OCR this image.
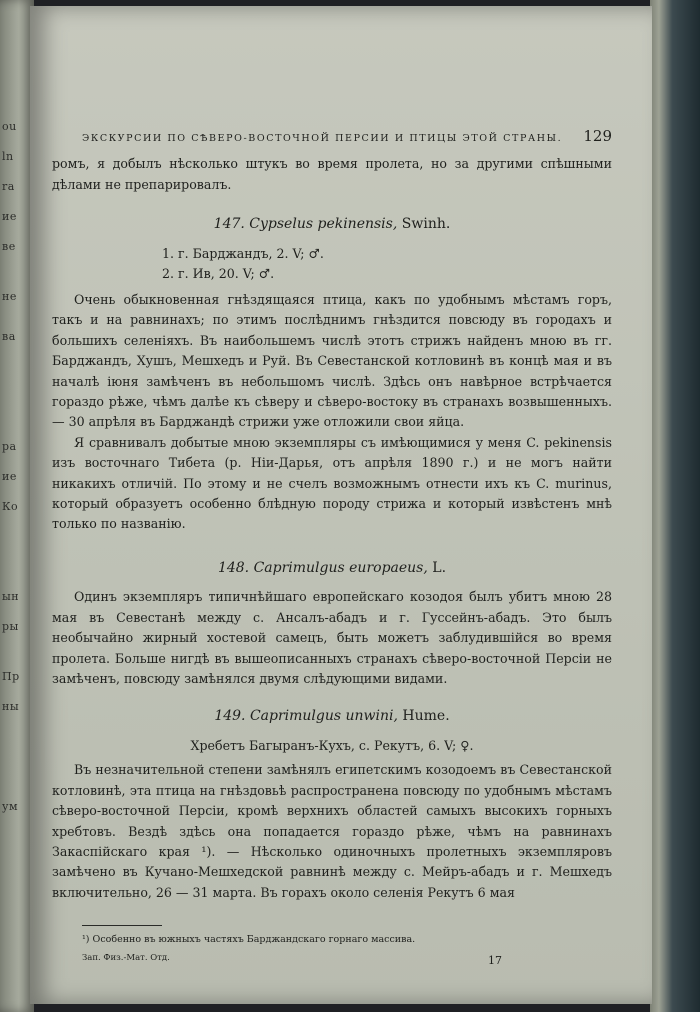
ou
ln
ra
ие
ве
не
ва
ра
ие
Ко
ын
ры
Пр
ны
ум
ЭКСКУРСИИ ПО СѢВЕРО-ВОСТОЧНОЙ ПЕРСИИ И ПТИЦЫ ЭТОЙ СТРАНЫ. 129

ромъ, я добылъ нѣсколько штукъ во время пролета, но за другими спѣшными дѣлами не препарировалъ.

147. Cypselus pekinensis, Swinh.
1. г. Барджандъ, 2. V; ♂.
2. г. Ив, 20. V; ♂.

Очень обыкновенная гнѣздящаяся птица, какъ по удобнымъ мѣстамъ горъ, такъ и на равнинахъ; по этимъ послѣднимъ гнѣздится повсюду въ городахъ и большихъ селеніяхъ. Въ наибольшемъ числѣ этотъ стрижъ найденъ мною въ гг. Барджандъ, Хушъ, Мешхедъ и Руй. Въ Севестанской котловинѣ въ концѣ мая и въ началѣ іюня замѣченъ въ небольшомъ числѣ. Здѣсь онъ навѣрное встрѣчается гораздо рѣже, чѣмъ далѣе къ сѣверу и сѣверо-востоку въ странахъ возвышенныхъ.— 30 апрѣля въ Барджандѣ стрижи уже отложили свои яйца.

Я сравнивалъ добытые мною экземпляры съ имѣющимися у меня C. pekinensis изъ восточнаго Тибета (р. Ніи-Дарья, отъ апрѣля 1890 г.) и не могъ найти никакихъ отличій. По этому и не счелъ возможнымъ отнести ихъ къ C. murinus, который образуетъ особенно блѣдную породу стрижа и который извѣстенъ мнѣ только по названію.

148. Caprimulgus europaeus, L.

Одинъ экземпляръ типичнѣйшаго европейскаго козодоя былъ убитъ мною 28 мая въ Севестанѣ между с. Ансалъ-абадъ и г. Гуссейнъ-абадъ. Это былъ необычайно жирный хостевой самецъ, быть можетъ заблудившійся во время пролета. Больше нигдѣ въ вышеописанныхъ странахъ сѣверо-восточной Персіи не замѣченъ, повсюду замѣнялся двумя слѣдующими видами.

149. Caprimulgus unwini, Hume.
Хребетъ Багыранъ-Кухъ, с. Рекутъ, 6. V; ♀.

Въ незначительной степени замѣнялъ египетскимъ козодоемъ въ Севестанской котловинѣ, эта птица на гнѣздовьѣ распространена повсюду по удобнымъ мѣстамъ сѣверо-восточной Персіи, кромѣ верхнихъ областей самыхъ высокихъ горныхъ хребтовъ. Вездѣ здѣсь она попадается гораздо рѣже, чѣмъ на равнинахъ Закаспійскаго края ¹). — Нѣсколько одиночныхъ пролетныхъ экземпляровъ замѣчено въ Кучано-Мешхедской равнинѣ между с. Мейръ-абадъ и г. Мешхедъ включительно, 26 — 31 марта. Въ горахъ около селенія Рекутъ 6 мая

¹) Особенно въ южныхъ частяхъ Барджандскаго горнаго массива.
Зап. Физ.-Мат. Отд.	17
